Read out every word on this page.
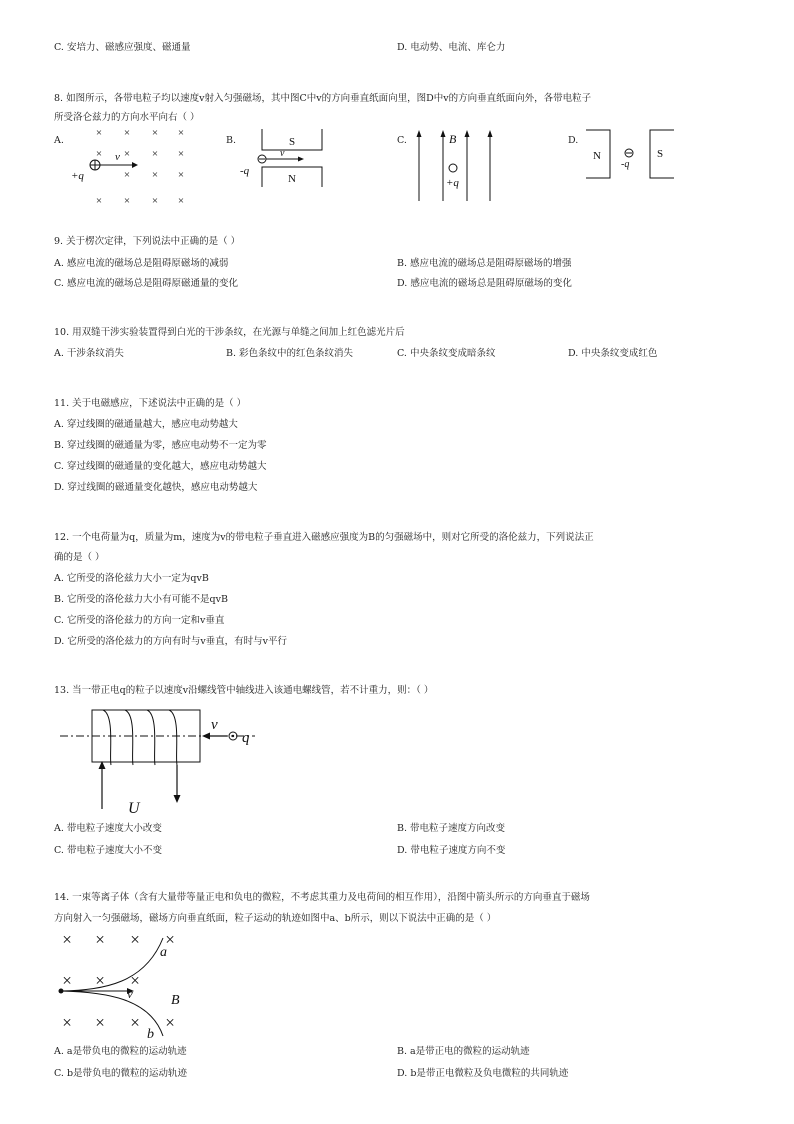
C. 安培力、磁感应强度、磁通量	D. 电动势、电流、库仑力
8. 如图所示，各带电粒子均以速度v射入匀强磁场，其中图C中v的方向垂直纸面向里，图D中v的方向垂直纸面向外，各带电粒子
所受洛仑兹力的方向水平向右（ ）
A.
× × × ×
× × × ×
× × ×
× × × ×
v
+q
B.	S
N
v
-q
C.	B
+q
D.
N	S
-q
9. 关于楞次定律，下列说法中正确的是（ ）
A. 感应电流的磁场总是阻碍原磁场的减弱	B. 感应电流的磁场总是阻碍原磁场的增强
C. 感应电流的磁场总是阻碍原磁通量的变化	D. 感应电流的磁场总是阻碍原磁场的变化
10. 用双缝干涉实验装置得到白光的干涉条纹，在光源与单缝之间加上红色滤光片后
A. 干涉条纹消失	B. 彩色条纹中的红色条纹消失	C. 中央条纹变成暗条纹	D. 中央条纹变成红色
11. 关于电磁感应，下述说法中正确的是（ ）
A. 穿过线圈的磁通量越大，感应电动势越大
B. 穿过线圈的磁通量为零，感应电动势不一定为零
C. 穿过线圈的磁通量的变化越大，感应电动势越大
D. 穿过线圈的磁通量变化越快，感应电动势越大
12. 一个电荷量为q，质量为m，速度为v的带电粒子垂直进入磁感应强度为B的匀强磁场中，则对它所受的洛伦兹力，下列说法正
确的是（ ）
A. 它所受的洛伦兹力大小一定为qvB
B. 它所受的洛伦兹力大小有可能不是qvB
C. 它所受的洛伦兹力的方向一定和v垂直
D. 它所受的洛伦兹力的方向有时与v垂直，有时与v平行
13. 当一带正电q的粒子以速度v沿螺线管中轴线进入该通电螺线管，若不计重力，则：（ ）
v
q
U
A. 带电粒子速度大小改变	B. 带电粒子速度方向改变
C. 带电粒子速度大小不变	D. 带电粒子速度方向不变
14. 一束等离子体（含有大量带等量正电和负电的微粒，不考虑其重力及电荷间的相互作用），沿图中箭头所示的方向垂直于磁场
方向射入一匀强磁场，磁场方向垂直纸面，粒子运动的轨迹如图中a、b所示，则以下说法中正确的是（ ）
× × × ×
× × ×
× × × ×
a
v	B
b
A. a是带负电的微粒的运动轨迹	B. a是带正电的微粒的运动轨迹
C. b是带负电的微粒的运动轨迹	D. b是带正电微粒及负电微粒的共同轨迹
